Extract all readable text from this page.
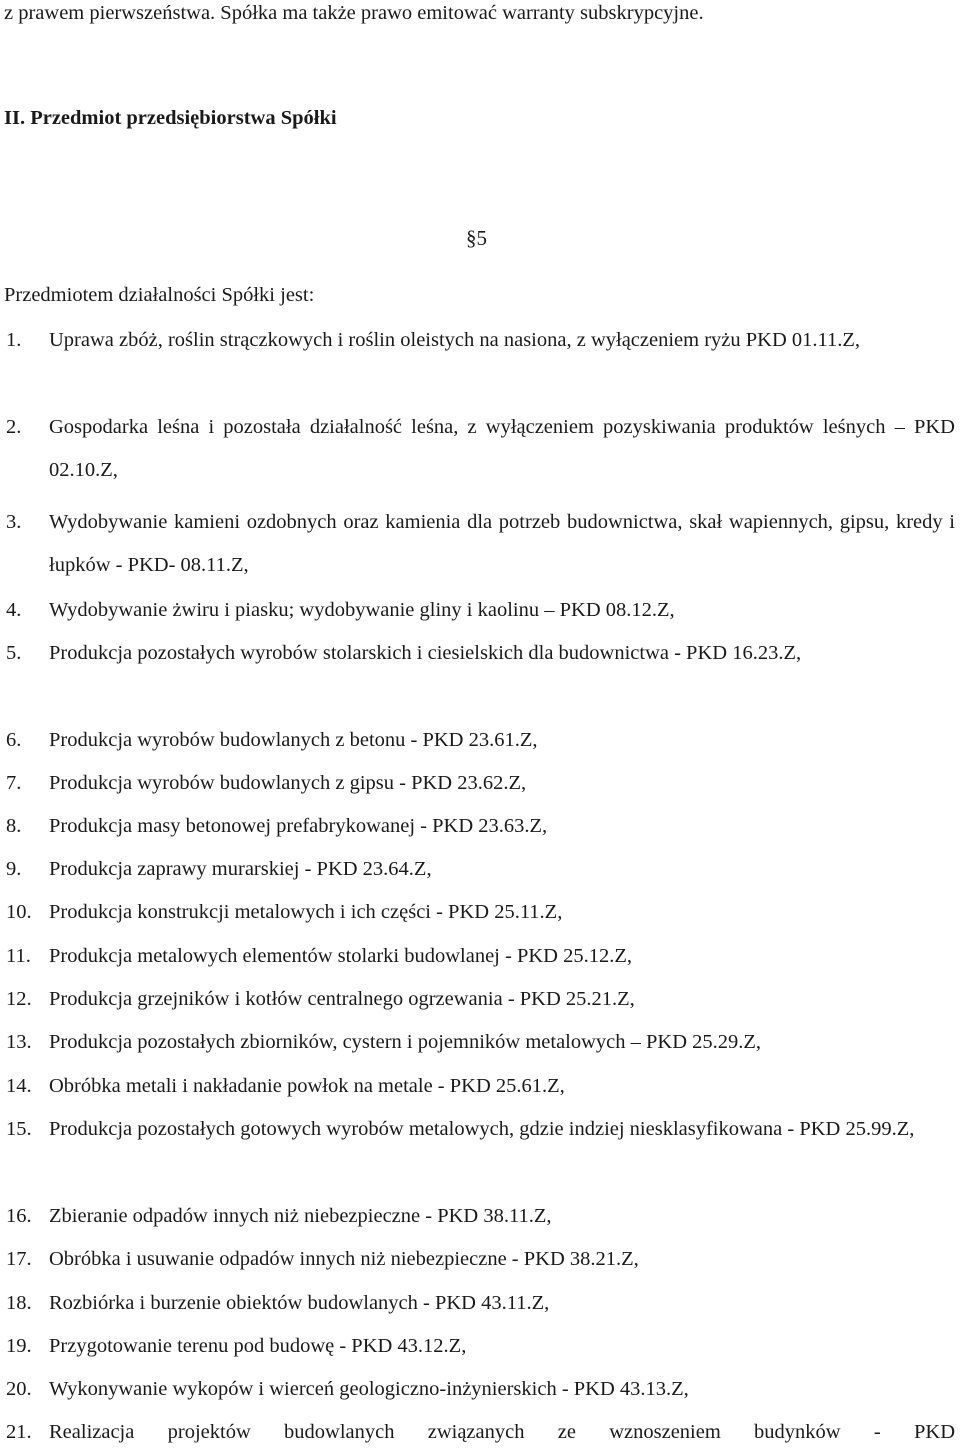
z prawem pierwszeństwa. Spółka ma także prawo emitować warranty subskrypcyjne.
II. Przedmiot przedsiębiorstwa Spółki
§5
Przedmiotem działalności Spółki jest:
1.	Uprawa zbóż, roślin strączkowych i roślin oleistych na nasiona, z wyłączeniem ryżu PKD 01.11.Z,
2.	Gospodarka leśna i pozostała działalność leśna, z wyłączeniem pozyskiwania produktów leśnych – PKD 02.10.Z,
3.	Wydobywanie kamieni ozdobnych oraz kamienia dla potrzeb budownictwa, skał wapiennych, gipsu, kredy i łupków - PKD- 08.11.Z,
4.	Wydobywanie żwiru i piasku; wydobywanie gliny i kaolinu – PKD 08.12.Z,
5.	Produkcja pozostałych wyrobów stolarskich i ciesielskich dla budownictwa - PKD 16.23.Z,
6.	Produkcja wyrobów budowlanych z betonu - PKD 23.61.Z,
7.	Produkcja wyrobów budowlanych z gipsu - PKD 23.62.Z,
8.	Produkcja masy betonowej prefabrykowanej - PKD 23.63.Z,
9.	Produkcja zaprawy murarskiej - PKD 23.64.Z,
10. Produkcja konstrukcji metalowych i ich części - PKD 25.11.Z,
11. Produkcja metalowych elementów stolarki budowlanej - PKD 25.12.Z,
12. Produkcja grzejników i kotłów centralnego ogrzewania - PKD 25.21.Z,
13. Produkcja pozostałych zbiorników, cystern i pojemników metalowych – PKD 25.29.Z,
14. Obróbka metali i nakładanie powłok na metale - PKD 25.61.Z,
15. Produkcja pozostałych gotowych wyrobów metalowych, gdzie indziej niesklasyfikowana - PKD 25.99.Z,
16. Zbieranie odpadów innych niż niebezpieczne - PKD 38.11.Z,
17. Obróbka i usuwanie odpadów innych niż niebezpieczne - PKD 38.21.Z,
18. Rozbiórka i burzenie obiektów budowlanych - PKD 43.11.Z,
19. Przygotowanie terenu pod budowę - PKD 43.12.Z,
20. Wykonywanie wykopów i wierceń geologiczno-inżynierskich - PKD 43.13.Z,
21. Realizacja projektów budowlanych związanych ze wznoszeniem budynków - PKD
